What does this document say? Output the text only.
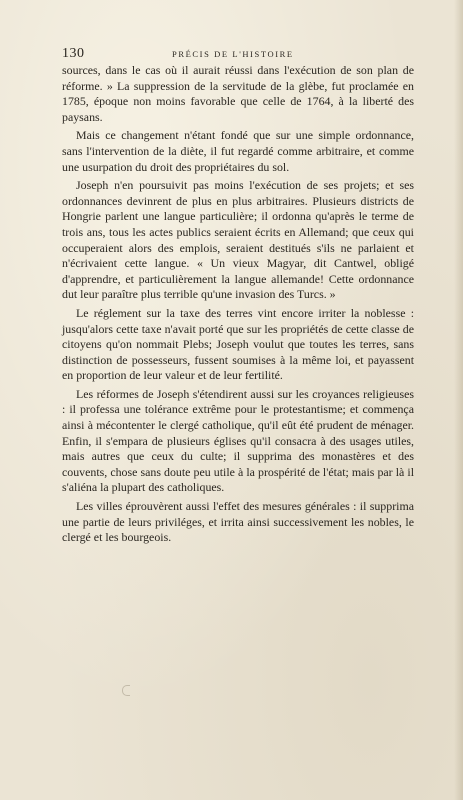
130	PRÉCIS DE L'HISTOIRE

sources, dans le cas où il aurait réussi dans l'exécution de son plan de réforme. » La suppression de la servitude de la glèbe, fut proclamée en 1785, époque non moins favorable que celle de 1764, à la liberté des paysans.

Mais ce changement n'étant fondé que sur une simple ordonnance, sans l'intervention de la diète, il fut regardé comme arbitraire, et comme une usurpation du droit des propriétaires du sol.

Joseph n'en poursuivit pas moins l'exécution de ses projets; et ses ordonnances devinrent de plus en plus arbitraires. Plusieurs districts de Hongrie parlent une langue particulière; il ordonna qu'après le terme de trois ans, tous les actes publics seraient écrits en Allemand; que ceux qui occuperaient alors des emplois, seraient destitués s'ils ne parlaient et n'écrivaient cette langue. « Un vieux Magyar, dit Cantwel, obligé d'apprendre, et particulièrement la langue allemande! Cette ordonnance dut leur paraître plus terrible qu'une invasion des Turcs. »

Le réglement sur la taxe des terres vint encore irriter la noblesse : jusqu'alors cette taxe n'avait porté que sur les propriétés de cette classe de citoyens qu'on nommait Plebs; Joseph voulut que toutes les terres, sans distinction de possesseurs, fussent soumises à la même loi, et payassent en proportion de leur valeur et de leur fertilité.

Les réformes de Joseph s'étendirent aussi sur les croyances religieuses : il professa une tolérance extrême pour le protestantisme; et commença ainsi à mécontenter le clergé catholique, qu'il eût été prudent de ménager. Enfin, il s'empara de plusieurs églises qu'il consacra à des usages utiles, mais autres que ceux du culte; il supprima des monastères et des couvents, chose sans doute peu utile à la prospérité de l'état; mais par là il s'aliéna la plupart des catholiques.

Les villes éprouvèrent aussi l'effet des mesures générales : il supprima une partie de leurs priviléges, et irrita ainsi successivement les nobles, le clergé et les bourgeois.
